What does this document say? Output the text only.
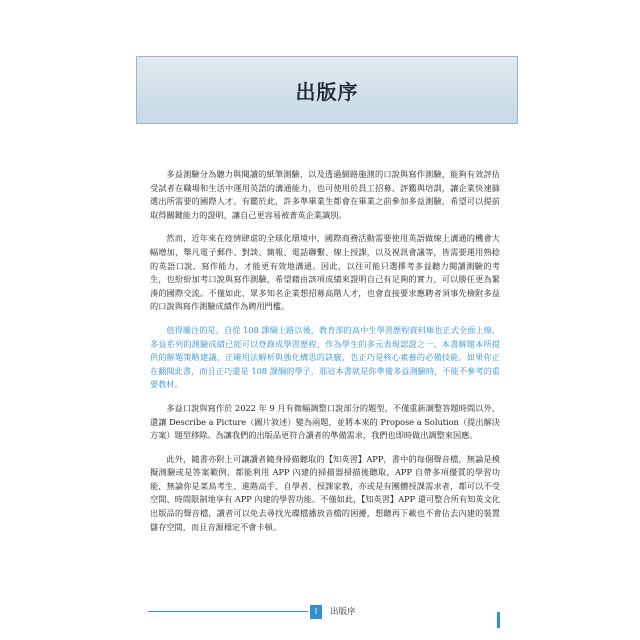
出版序

多益測驗分為聽力與閱讀的紙筆測驗，以及透過網路施測的口說與寫作測驗，能夠有效評估受試者在職場和生活中運用英語的溝通能力，也可使用於員工招募、評鑑與培訓，讓企業快速篩選出所需要的國際人才。有鑑於此，許多準畢業生都會在畢業之前參加多益測驗，希望可以提前取得關鍵能力的證明，讓自己更容易被菁英企業識別。

然而，近年來在疫情肆虐的全球化環境中，國際商務活動需要使用英語做線上溝通的機會大幅增加，舉凡電子郵件、對談、簡報、電話聯繫、線上授課，以及視訊會議等，皆需要運用熟稔的英語口說、寫作能力，才能更有效地溝通。因此，以往可能只選擇考多益聽力閱讀測驗的考生，也紛紛加考口說與寫作測驗，希望藉由該項成績來證明自己有足夠的實力，可以勝任更為緊湊的國際交流。不僅如此，眾多知名企業想招募高階人才，也會直接要求應聘者須事先檢附多益的口說與寫作測驗成績作為聘用門檻。

值得關注的是，自從 108 課綱上路以後，教育部的高中生學習歷程資料庫也正式全面上線，多益系列的測驗成績已經可以登錄成學習歷程，作為學生的多元表現認證之一。本書解題本所提供的解題策略建議、正確用法解析與強化構思的訣竅，也正巧是核心素養的必備技能。如果你正在翻閱此書，而且正巧還是 108 課綱的學子，那這本書就是你準備多益測驗時，不能不參考的重要教材。

多益口說與寫作於 2022 年 9 月有微幅調整口說部分的題型，不僅重新調整答題時間以外，還讓 Describe a Picture（圖片敘述）變為兩題，並將本來的 Propose a Solution（提出解決方案）題型移除。為讓我們的出版品更符合讀者的準備需求，我們也即時做出調整來因應。

此外，隨書亦附上可讓讀者隨身掃描聽取的【知英習】APP，書中的每個聲音檔，無論是模擬測驗或是答案範例，都能利用 APP 內建的掃描器掃描後聽取，APP 自帶多項優質的學習功能，無論你是菜鳥考生、進階高手、自學者、授課家教，亦或是有團體授課需求者，都可以不受空間、時間限制地享有 APP 內建的學習功能。不僅如此，【知英習】APP 還可整合所有知英文化出版品的聲音檔，讀者可以免去尋找光碟檔播放音檔的困擾，想聽再下載也不會佔去內建的裝置儲存空間，而且音源穩定不會卡頓。

I	出版序
